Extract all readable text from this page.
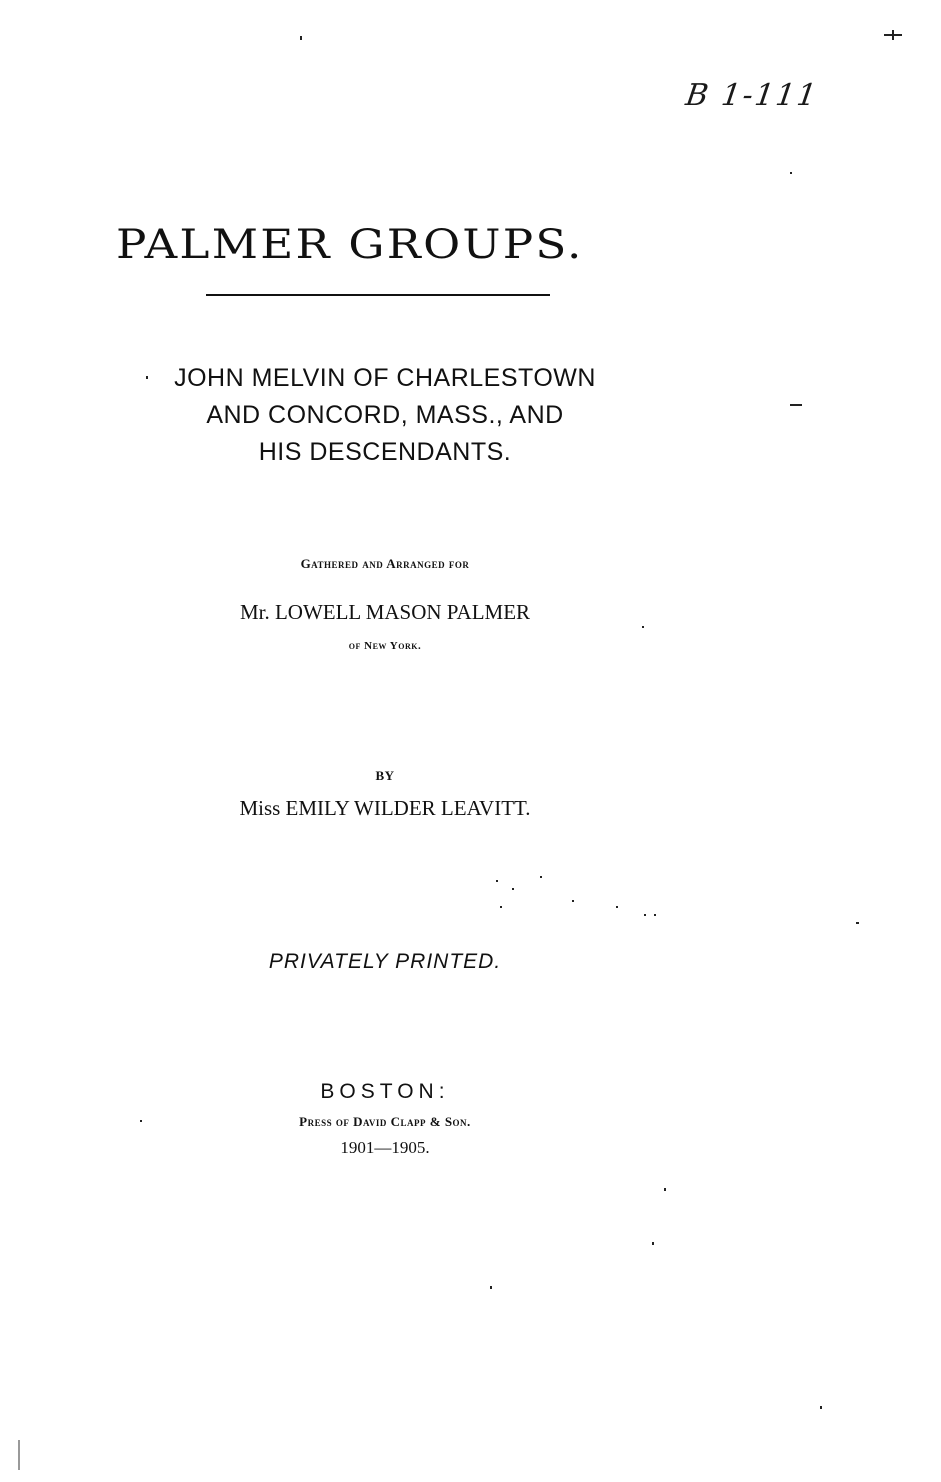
B 1-111
PALMER GROUPS.
JOHN MELVIN OF CHARLESTOWN
AND CONCORD, MASS., AND
HIS DESCENDANTS.
Gathered and Arranged for
Mr. LOWELL MASON PALMER
of New York.
BY
Miss EMILY WILDER LEAVITT.
PRIVATELY PRINTED.
BOSTON:
Press of David Clapp & Son.
1901—1905.
